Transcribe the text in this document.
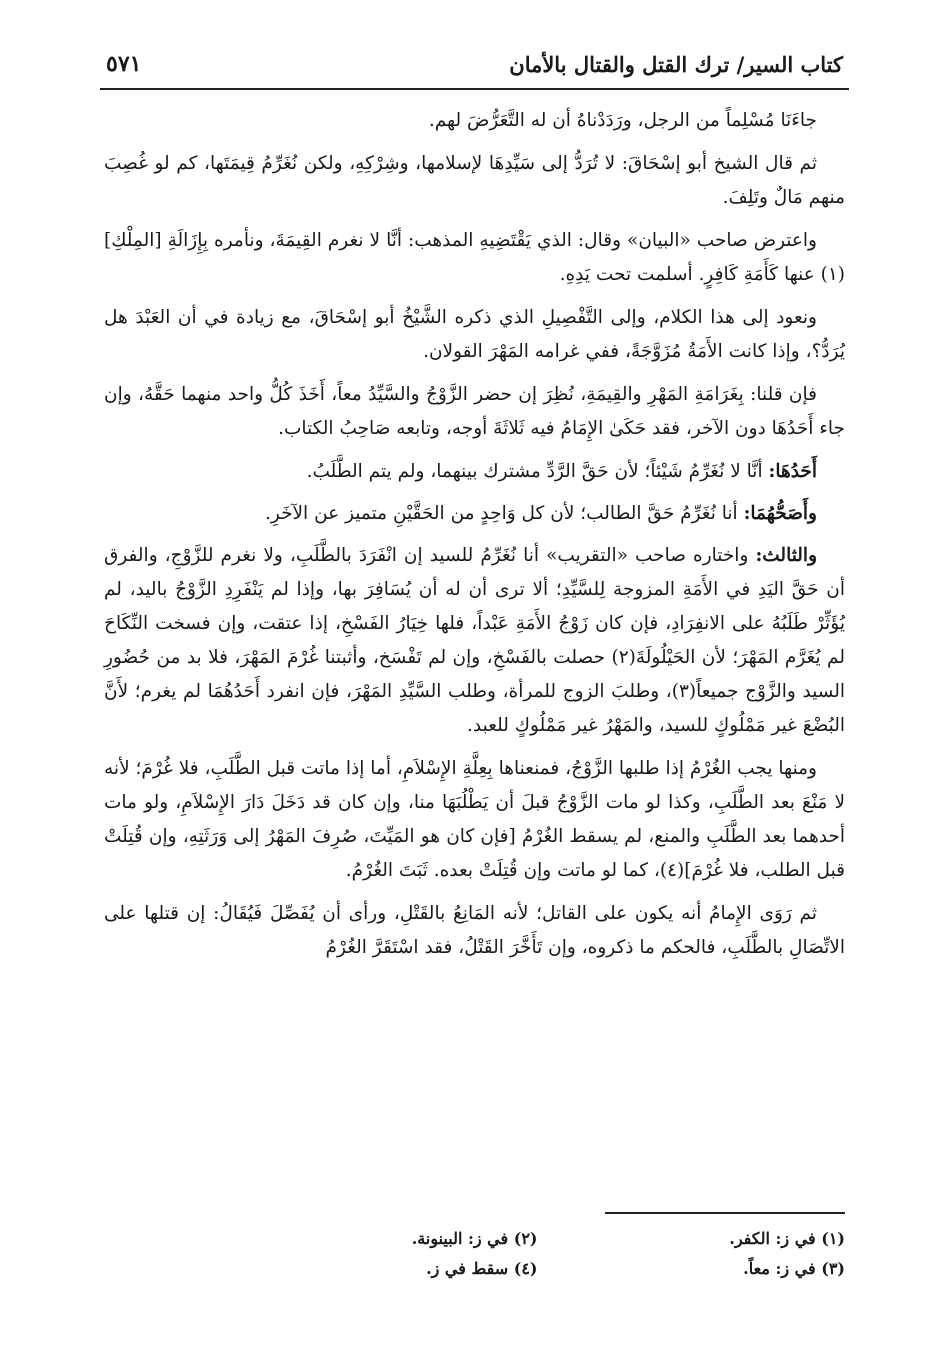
كتاب السير/ ترك القتل والقتال بالأمان
٥٧١

جاءَنَا مُسْلِماً من الرجل، ورَدَدْناهُ أن له التَّعَرُّضَ لهم.

ثم قال الشيخ أبو إسْحَاقَ: لا تُرَدُّ إلى سَيِّدِهَا لإسلامها، وشِرْكِهِ، ولكن نُغَرِّمُ قِيمَتَها، كم لو غُصِبَ منهم مَالٌ وتَلِفَ.

واعترض صاحب «البيان» وقال: الذي يَقْتَضِيهِ المذهب: أنَّا لا نغرم القِيمَةَ، ونأمره بِإِزَالَةِ [المِلْكِ](١) عنها كَأَمَةِ كَافِرٍ. أسلمت تحت يَدِهِ.

ونعود إلى هذا الكلام، وإلى التَّفْصِيلِ الذي ذكره الشَّيْخُ أبو إسْحَاقَ، مع زيادة في أن العَبْدَ هل يُرَدُّ؟، وإذا كانت الأَمَةُ مُزَوَّجَةً، ففي غرامه المَهْرَ القولان.

فإن قلنا: بِغَرَامَةِ المَهْرِ والقِيمَةِ، نُظِرَ إن حضر الزَّوْجُ والسَّيِّدُ معاً، أَخَذَ كُلُّ واحد منهما حَقَّهُ، وإن جاء أَحَدُهَا دون الآخر، فقد حَكَىٰ الإِمَامُ فيه ثَلاثَةَ أوجه، وتابعه صَاحِبُ الكتاب.

أَحَدُهَا: أنَّا لا نُغَرِّمُ شَيْئاً؛ لأن حَقَّ الرَّدِّ مشترك بينهما، ولم يتم الطَّلَبُ.

وأَصَحُّهُمَا: أنا نُغَرِّمُ حَقَّ الطالب؛ لأن كل وَاحِدٍ من الحَقَّيْنِ متميز عن الآخَرِ.

والثالث: واختاره صاحب «التقريب» أنا نُغَرِّمُ للسيد إن انْفَرَدَ بالطَّلَبِ، ولا نغرم للزَّوْجِ، والفرق أن حَقَّ اليَدِ في الأَمَةِ المزوجة لِلسَّيِّدِ؛ ألا ترى أن له أن يُسَافِرَ بها، وإذا لم يَنْفَرِدِ الزَّوْجُ باليد، لم يُؤَثِّرْ طَلَبُهُ على الانفِرَادِ، فإن كان زَوْجُ الأَمَةِ عَبْداً، فلها خِيَارُ الفَسْخِ، إذا عتقت، وإن فسخت النِّكَاحَ لم يُغَرَّم المَهْرَ؛ لأن الحَيْلُولَةَ(٢) حصلت بالفَسْخِ، وإن لم تَفْسَخ، وأثبتنا غُرْمَ المَهْرَ، فلا بد من حُضُورِ السيد والزَّوْج جميعاً(٣)، وطلبَ الزوج للمرأة، وطلب السَّيِّدِ المَهْرَ، فإن انفرد أَحَدُهُمَا لم يغرم؛ لأَنَّ البُضْعَ غير مَمْلُوكٍ للسيد، والمَهْرُ غير مَمْلُوكٍ للعبد.

ومنها يجب الغُرْمُ إذا طلبها الزَّوْجُ، فمنعناها بِعِلَّةِ الإِسْلاَمِ، أما إذا ماتت قبل الطَّلَبِ، فلا غُرْمَ؛ لأنه لا مَنْعَ بعد الطَّلَبِ، وكذا لو مات الزَّوْجُ قبلَ أن يَطْلُبَهَا منا، وإن كان قد دَخَلَ دَارَ الإِسْلاَمِ، ولو مات أحدهما بعد الطَّلَبِ والمنع، لم يسقط الغُرْمُ [فإن كان هو المَيِّتَ، صُرِفَ المَهْرُ إلى وَرَثَتِهِ، وإن قُتِلَتْ قبل الطلب، فلا غُرْمَ](٤)، كما لو ماتت وإن قُتِلَتْ بعده. ثَبَتَ الغُرْمُ.

ثم رَوَى الإِمامُ أنه يكون على القاتل؛ لأنه المَانِعُ بالقَتْلِ، ورأى أن يُفَصِّلَ فَيُقَالُ: إن قتلها على الاتِّصَالِ بالطَّلَبِ، فالحكم ما ذكروه، وإن تَأَخَّرَ القَتْلُ، فقد اسْتَقَرَّ الغُرْمُ

(١) في ز: الكفر.
(٢) في ز: البينونة.
(٣) في ز: معاً.
(٤) سقط في ز.
